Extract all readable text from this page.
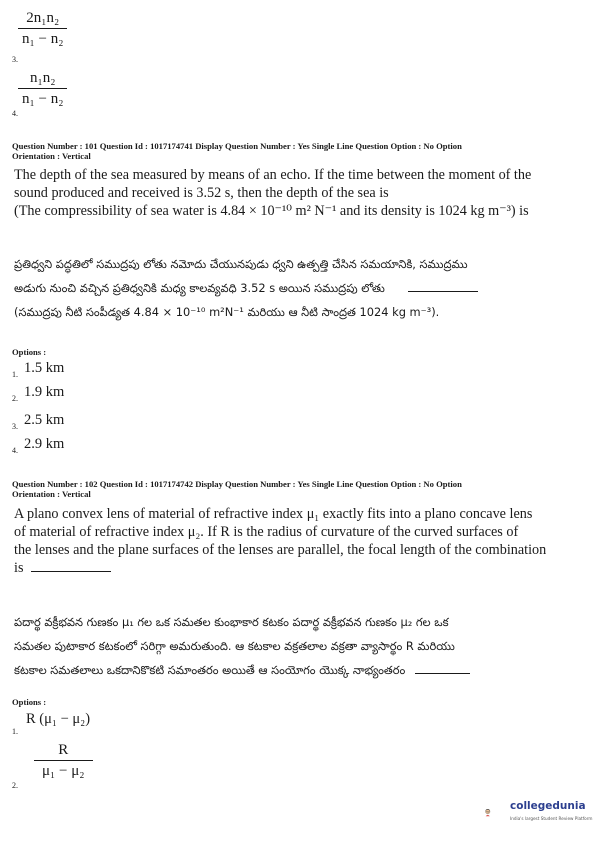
$\frac{\text{2n₁n₂}}{\text{n₁ − n₂}}$
3.
$\frac{\text{n₁n₂}}{\text{n₁ − n₂}}$
4.
Question Number : 101 Question Id : 1017174741 Display Question Number : Yes Single Line Question Option : No Option
Orientation : Vertical
The depth of the sea measured by means of an echo. If the time between the moment of the
sound produced and received is 3.52 s, then the depth of the sea is
(The compressibility of sea water is 4.84 × 10⁻¹⁰ m² N⁻¹ and its density is 1024 kg m⁻³) is
ప్రతిధ్వని పద్ధతిలో సముద్రపు లోతు నమోదు చేయునపుడు ధ్వని ఉత్పత్తి చేసిన సమయానికి, సముద్రము
అడుగు నుంచి వచ్చిన ప్రతిధ్వనికి మధ్య కాలవ్యవధి 3.52 s అయిన సముద్రపు లోతు
(సముద్రపు నీటి సంపీడ్యత 4.84 × 10⁻¹⁰ m²N⁻¹ మరియు ఆ నీటి సాంద్రత 1024 kg m⁻³).
Options :
1. 1.5 km
2. 1.9 km
3. 2.5 km
4. 2.9 km
Question Number : 102 Question Id : 1017174742 Display Question Number : Yes Single Line Question Option : No Option
Orientation : Vertical
A plano convex lens of material of refractive index μ₁ exactly fits into a plano concave lens
of material of refractive index μ₂. If R is the radius of curvature of the curved surfaces of
the lenses and the plane surfaces of the lenses are parallel, the focal length of the combination
is
పదార్థ వక్రీభవన గుణకం μ₁ గల ఒక సమతల కుంభాకార కటకం పదార్థ వక్రీభవన గుణకం μ₂ గల ఒక
సమతల పుటాకార కటకంలో సరిగ్గా అమరుతుంది. ఆ కటకాల వక్రతలాల వక్రతా వ్యాసార్థం R మరియు
కటకాల సమతలాలు ఒకదానికొకటి సమాంతరం అయితే ఆ సంయోగం యొక్క నాభ్యంతరం
Options :
1.
R (μ₁ − μ₂)
$\frac{R}{\text{μ₁ − μ₂}}$
2.
collegedunia
India's largest Student Review Platform
